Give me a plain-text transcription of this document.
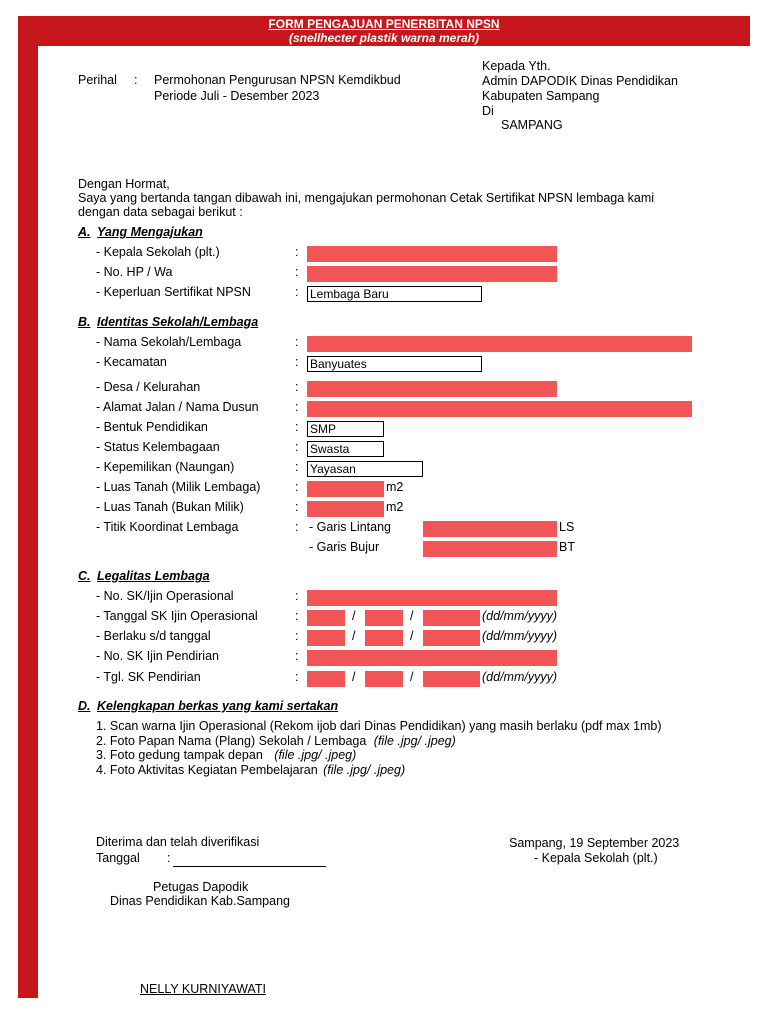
FORM PENGAJUAN PENERBITAN NPSN
(snellhecter plastik warna merah)
Perihal : Permohonan Pengurusan NPSN Kemdikbud
Periode Juli - Desember 2023
Kepada Yth.
Admin DAPODIK Dinas Pendidikan
Kabupaten Sampang
Di
SAMPANG
Dengan Hormat,
Saya yang bertanda tangan dibawah ini, mengajukan permohonan Cetak Sertifikat NPSN lembaga kami
dengan data sebagai berikut :
A. Yang Mengajukan
- Kepala Sekolah (plt.)	:
- No. HP / Wa	:
- Keperluan Sertifikat NPSN	: Lembaga Baru
B. Identitas Sekolah/Lembaga
- Nama Sekolah/Lembaga	:
- Kecamatan	: Banyuates
- Desa / Kelurahan	:
- Alamat Jalan / Nama Dusun	:
- Bentuk Pendidikan	: SMP
- Status Kelembagaan	: Swasta
- Kepemilikan (Naungan)	: Yayasan
- Luas Tanah (Milik Lembaga)	:	m2
- Luas Tanah (Bukan Milik)	:	m2
- Titik Koordinat Lembaga	: - Garis Lintang	LS
- Garis Bujur	BT
C. Legalitas Lembaga
- No. SK/Ijin Operasional	:
- Tanggal SK Ijin Operasional	:	/	/	(dd/mm/yyyy)
- Berlaku s/d tanggal	:	/	/	(dd/mm/yyyy)
- No. SK Ijin Pendirian	:
- Tgl. SK Pendirian	:	/	/	(dd/mm/yyyy)
D. Kelengkapan berkas yang kami sertakan
1. Scan warna Ijin Operasional (Rekom ijob dari Dinas Pendidikan) yang masih berlaku (pdf max 1mb)
2. Foto Papan Nama (Plang) Sekolah / Lembaga (file .jpg/ .jpeg)
3. Foto gedung tampak depan (file .jpg/ .jpeg)
4. Foto Aktivitas Kegiatan Pembelajaran (file .jpg/ .jpeg)
Diterima dan telah diverifikasi
Tanggal :
Petugas Dapodik
Dinas Pendidikan Kab.Sampang
NELLY KURNIYAWATI
Sampang, 19 September 2023
- Kepala Sekolah (plt.)
